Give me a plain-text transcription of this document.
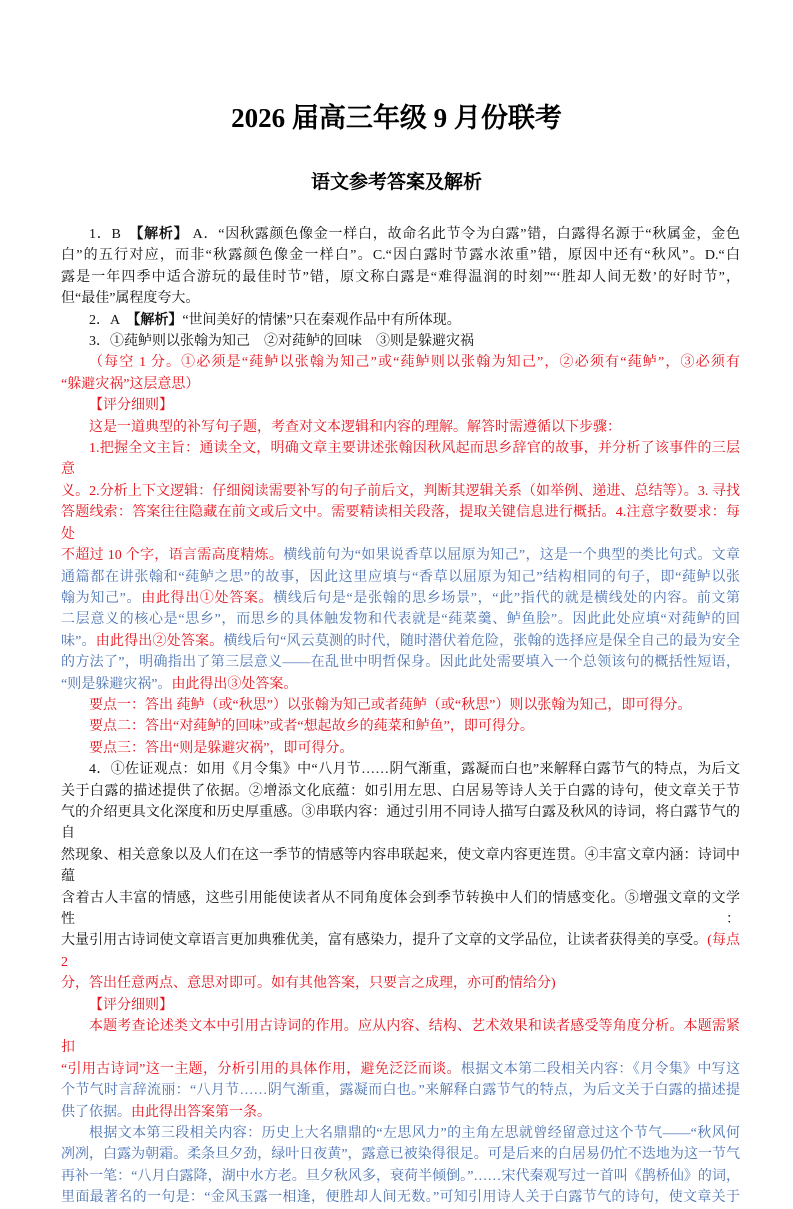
2026 届高三年级 9 月份联考
语文参考答案及解析
1．B　【解析】 A．“因秋露颜色像金一样白，故命名此节令为白露”错，白露得名源于“秋属金，金色
白”的五行对应，而非“秋露颜色像金一样白”。C.“因白露时节露水浓重”错，原因中还有“秋风”。D.“白
露是一年四季中适合游玩的最佳时节”错，原文称白露是“难得温润的时刻”“‘胜却人间无数’的好时节”，
但“最佳”属程度夸大。
2．A　【解析】“世间美好的情愫”只在秦观作品中有所体现。
3．①莼鲈则以张翰为知己　②对莼鲈的回味　③则是躲避灾祸
（每空 1 分。①必须是“莼鲈以张翰为知己”或“莼鲈则以张翰为知己”，②必须有“莼鲈”，③必须有
“躲避灾祸”这层意思）
【评分细则】
这是一道典型的补写句子题，考查对文本逻辑和内容的理解。解答时需遵循以下步骤：
1.把握全文主旨：通读全文，明确文章主要讲述张翰因秋风起而思乡辞官的故事，并分析了该事件的三层意
义。2.分析上下文逻辑：仔细阅读需要补写的句子前后文，判断其逻辑关系（如举例、递进、总结等）。3. 寻找
答题线索：答案往往隐藏在前文或后文中。需要精读相关段落，提取关键信息进行概括。4.注意字数要求：每处
不超过 10 个字，语言需高度精炼。横线前句为“如果说香草以屈原为知己”，这是一个典型的类比句式。文章
通篇都在讲张翰和“莼鲈之思”的故事，因此这里应填与“香草以屈原为知己”结构相同的句子，即“莼鲈以张
翰为知己”。由此得出①处答案。横线后句是“是张翰的思乡场景”，“此”指代的就是横线处的内容。前文第
二层意义的核心是“思乡”，而思乡的具体触发物和代表就是“莼菜羹、鲈鱼脍”。因此此处应填“对莼鲈的回
味”。由此得出②处答案。横线后句“风云莫测的时代，随时潜伏着危险，张翰的选择应是保全自己的最为安全
的方法了”，明确指出了第三层意义——在乱世中明哲保身。因此此处需要填入一个总领该句的概括性短语，
“则是躲避灾祸”。由此得出③处答案。
要点一：答出 莼鲈（或“秋思”）以张翰为知己或者莼鲈（或“秋思”）则以张翰为知己，即可得分。
要点二：答出“对莼鲈的回味”或者“想起故乡的莼菜和鲈鱼”，即可得分。
要点三：答出“则是躲避灾祸”，即可得分。
4．①佐证观点：如用《月令集》中“八月节……阴气渐重，露凝而白也”来解释白露节气的特点，为后文
关于白露的描述提供了依据。②增添文化底蕴：如引用左思、白居易等诗人关于白露的诗句，使文章关于节
气的介绍更具文化深度和历史厚重感。③串联内容：通过引用不同诗人描写白露及秋风的诗词，将白露节气的自
然现象、相关意象以及人们在这一季节的情感等内容串联起来，使文章内容更连贯。④丰富文章内涵：诗词中蕴
含着古人丰富的情感，这些引用能使读者从不同角度体会到季节转换中人们的情感变化。⑤增强文章的文学性：
大量引用古诗词使文章语言更加典雅优美，富有感染力，提升了文章的文学品位，让读者获得美的享受。(每点 2
分，答出任意两点、意思对即可。如有其他答案，只要言之成理，亦可酌情给分)
【评分细则】
本题考查论述类文本中引用古诗词的作用。应从内容、结构、艺术效果和读者感受等角度分析。本题需紧扣
“引用古诗词”这一主题，分析引用的具体作用，避免泛泛而谈。根据文本第二段相关内容：《月令集》中写这
个节气时言辞流丽：“八月节……阴气渐重，露凝而白也。”来解释白露节气的特点，为后文关于白露的描述提
供了依据。由此得出答案第一条。
根据文本第三段相关内容：历史上大名鼎鼎的“左思风力”的主角左思就曾经留意过这个节气——“秋风何
冽冽，白露为朝霜。柔条旦夕劲，绿叶日夜黄”，露意已被染得很足。可是后来的白居易仍忙不迭地为这一节气
再补一笔：“八月白露降，湖中水方老。旦夕秋风多，衰荷半倾倒。”……宋代秦观写过一首叫《鹊桥仙》的词，
里面最著名的一句是：“金风玉露一相逢，便胜却人间无数。”可知引用诗人关于白露节气的诗句，使文章关于
